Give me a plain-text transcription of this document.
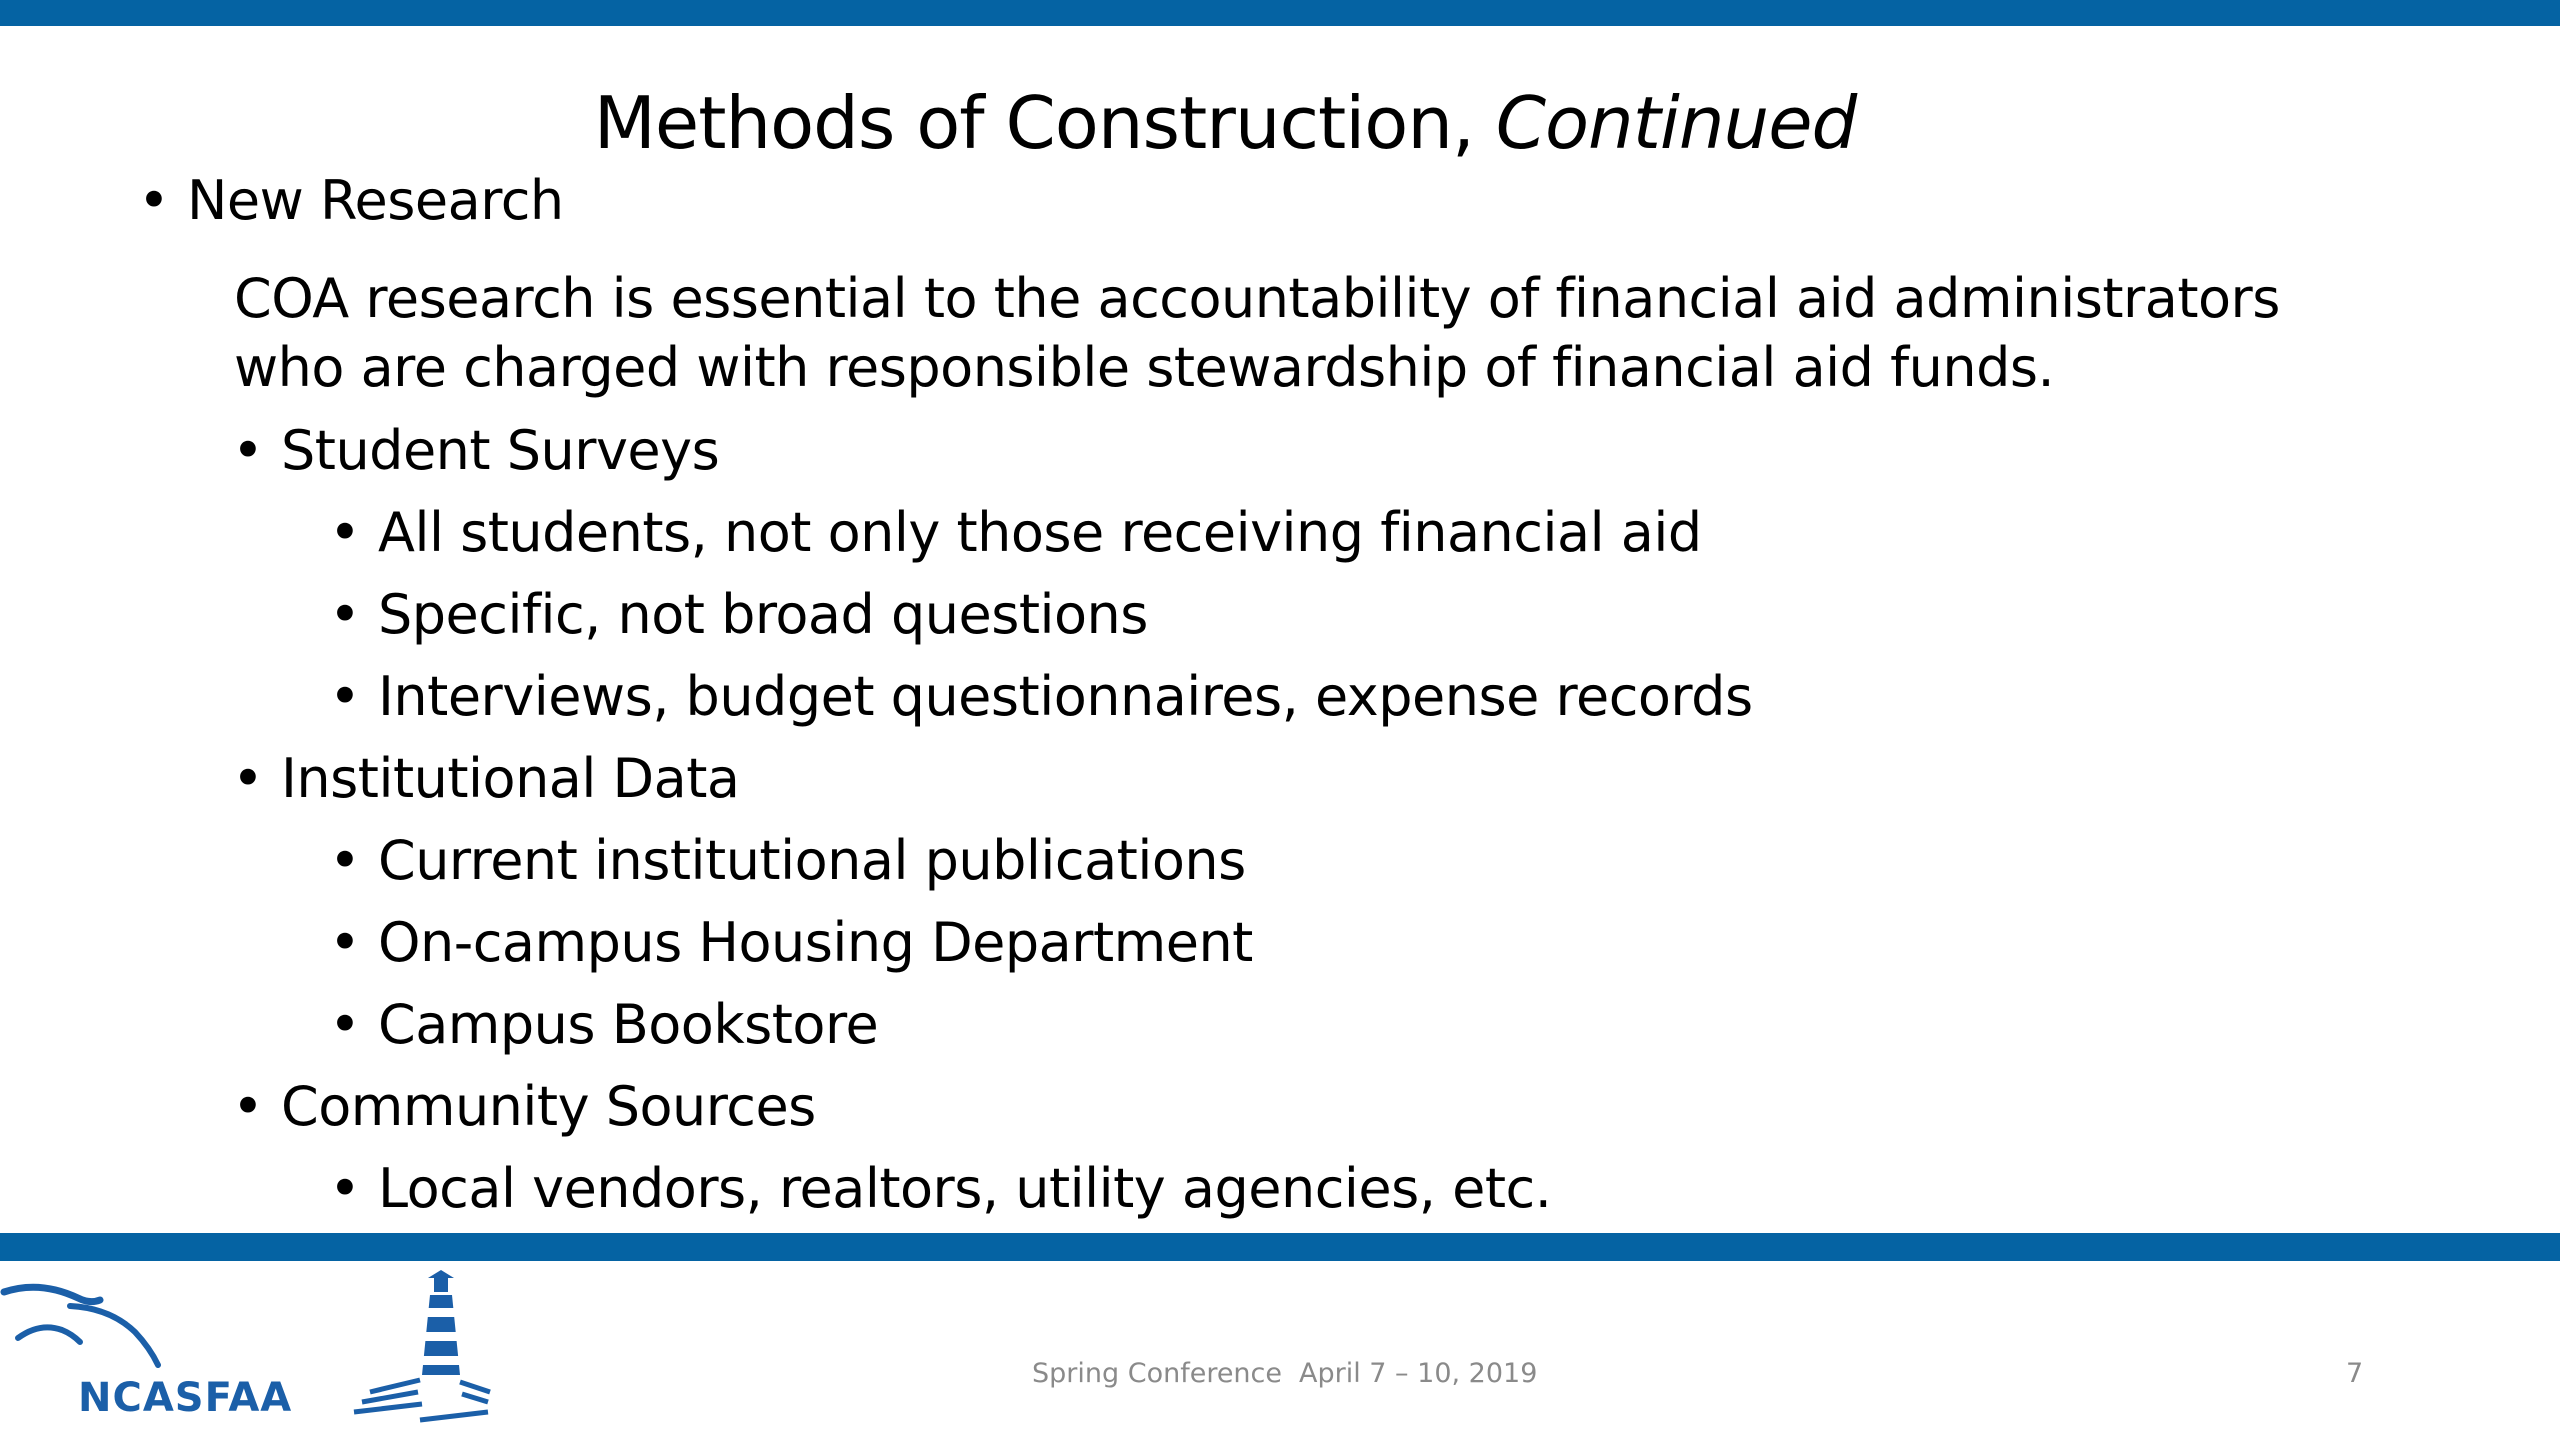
Methods of Construction, Continued
• New Research
COA research is essential to the accountability of financial aid administrators
who are charged with responsible stewardship of financial aid funds.
• Student Surveys
• All students, not only those receiving financial aid
• Specific, not broad questions
• Interviews, budget questionnaires, expense records
• Institutional Data
• Current institutional publications
• On-campus Housing Department
• Campus Bookstore
• Community Sources
• Local vendors, realtors, utility agencies, etc.
NCASFAA
Spring Conference April 7 – 10, 2019	7
